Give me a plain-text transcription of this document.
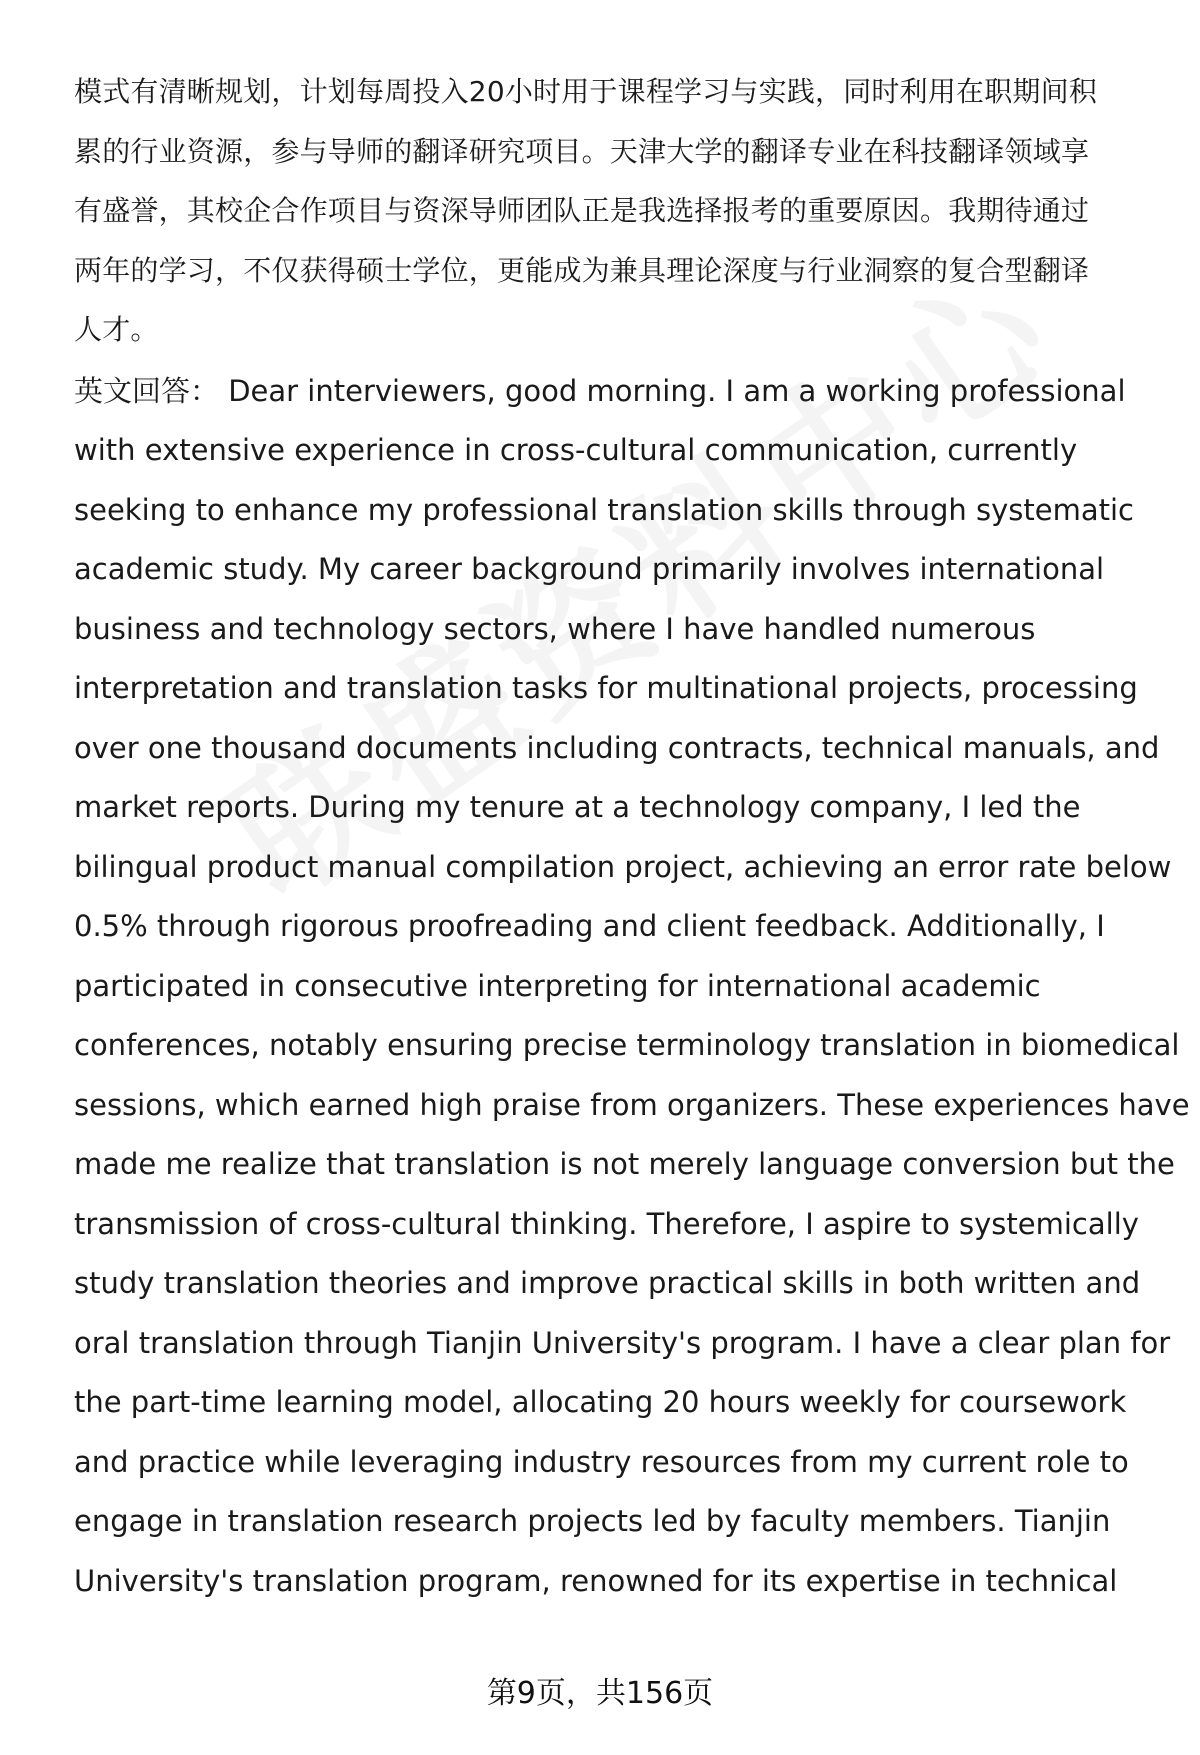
模式有清晰规划，计划每周投入20小时用于课程学习与实践，同时利用在职期间积
累的行业资源，参与导师的翻译研究项目。天津大学的翻译专业在科技翻译领域享
有盛誉，其校企合作项目与资深导师团队正是我选择报考的重要原因。我期待通过
两年的学习，不仅获得硕士学位，更能成为兼具理论深度与行业洞察的复合型翻译
人才。

英文回答： Dear interviewers, good morning. I am a working professional
with extensive experience in cross-cultural communication, currently
seeking to enhance my professional translation skills through systematic
academic study. My career background primarily involves international
business and technology sectors, where I have handled numerous
interpretation and translation tasks for multinational projects, processing
over one thousand documents including contracts, technical manuals, and
market reports. During my tenure at a technology company, I led the
bilingual product manual compilation project, achieving an error rate below
0.5% through rigorous proofreading and client feedback. Additionally, I
participated in consecutive interpreting for international academic
conferences, notably ensuring precise terminology translation in biomedical
sessions, which earned high praise from organizers. These experiences have
made me realize that translation is not merely language conversion but the
transmission of cross-cultural thinking. Therefore, I aspire to systemically
study translation theories and improve practical skills in both written and
oral translation through Tianjin University's program. I have a clear plan for
the part-time learning model, allocating 20 hours weekly for coursework
and practice while leveraging industry resources from my current role to
engage in translation research projects led by faculty members. Tianjin
University's translation program, renowned for its expertise in technical

第9页，共156页
